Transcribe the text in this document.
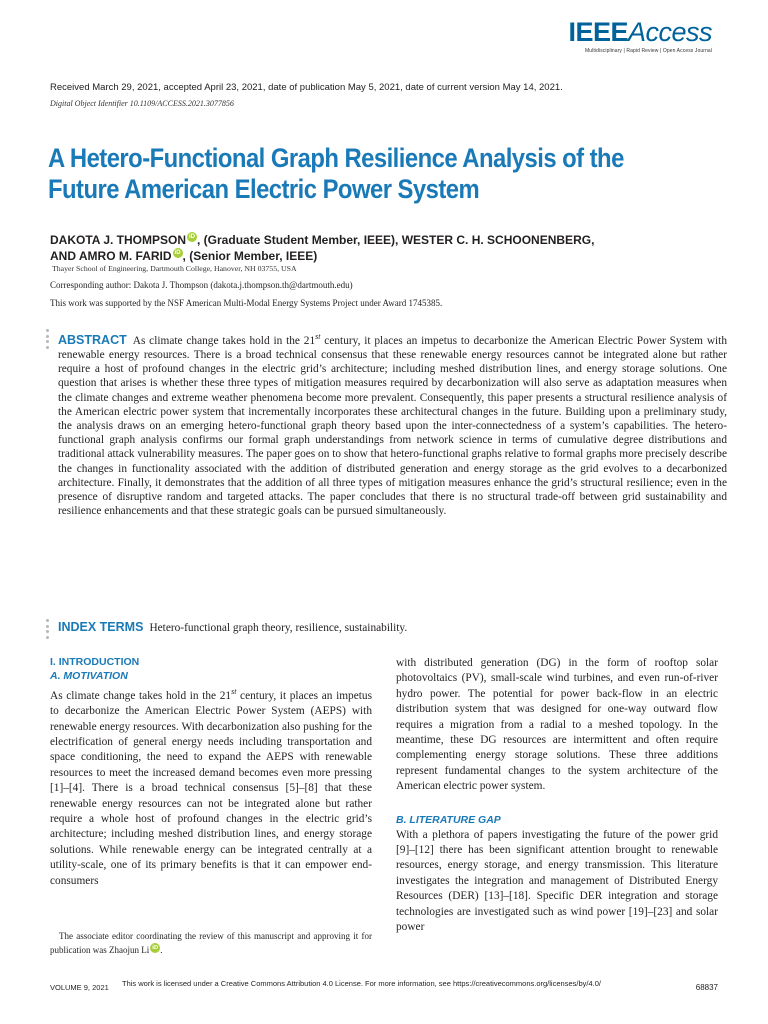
IEEEAccess
Multidisciplinary | Rapid Review | Open Access Journal
Received March 29, 2021, accepted April 23, 2021, date of publication May 5, 2021, date of current version May 14, 2021.
Digital Object Identifier 10.1109/ACCESS.2021.3077856
A Hetero-Functional Graph Resilience Analysis of the Future American Electric Power System
DAKOTA J. THOMPSON iD , (Graduate Student Member, IEEE), WESTER C. H. SCHOONENBERG,
AND AMRO M. FARID iD , (Senior Member, IEEE)
Thayer School of Engineering, Dartmouth College, Hanover, NH 03755, USA
Corresponding author: Dakota J. Thompson (dakota.j.thompson.th@dartmouth.edu)
This work was supported by the NSF American Multi-Modal Energy Systems Project under Award 1745385.

ABSTRACT As climate change takes hold in the 21st century, it places an impetus to decarbonize the American Electric Power System with renewable energy resources. There is a broad technical consensus that these renewable energy resources cannot be integrated alone but rather require a host of profound changes in the electric grid’s architecture; including meshed distribution lines, and energy storage solutions. One question that arises is whether these three types of mitigation measures required by decarbonization will also serve as adaptation measures when the climate changes and extreme weather phenomena become more prevalent. Consequently, this paper presents a structural resilience analysis of the American electric power system that incrementally incorporates these architectural changes in the future. Building upon a preliminary study, the analysis draws on an emerging hetero-functional graph theory based upon the inter-connectedness of a system’s capabilities. The hetero-functional graph analysis confirms our formal graph understandings from network science in terms of cumulative degree distributions and traditional attack vulnerability measures. The paper goes on to show that hetero-functional graphs relative to formal graphs more precisely describe the changes in functionality associated with the addition of distributed generation and energy storage as the grid evolves to a decarbonized architecture. Finally, it demonstrates that the addition of all three types of mitigation measures enhance the grid’s structural resilience; even in the presence of disruptive random and targeted attacks. The paper concludes that there is no structural trade-off between grid sustainability and resilience enhancements and that these strategic goals can be pursued simultaneously.

INDEX TERMS Hetero-functional graph theory, resilience, sustainability.
I. INTRODUCTION
A. MOTIVATION

As climate change takes hold in the 21st century, it places an impetus to decarbonize the American Electric Power System (AEPS) with renewable energy resources. With decarbonization also pushing for the electrification of general energy needs including transportation and space conditioning, the need to expand the AEPS with renewable resources to meet the increased demand becomes even more pressing [1]–[4]. There is a broad technical consensus [5]–[8] that these renewable energy resources can not be integrated alone but rather require a whole host of profound changes in the electric grid’s architecture; including meshed distribution lines, and energy storage solutions. While renewable energy can be integrated centrally at a utility-scale, one of its primary benefits is that it can empower end-consumers

 The associate editor coordinating the review of this manuscript and approving it for publication was Zhaojun Li iD .

with distributed generation (DG) in the form of rooftop solar photovoltaics (PV), small-scale wind turbines, and even run-of-river hydro power. The potential for power back-flow in an electric distribution system that was designed for one-way outward flow requires a migration from a radial to a meshed topology. In the meantime, these DG resources are intermittent and often require complementing energy storage solutions. These three additions represent fundamental changes to the system architecture of the American electric power system.

B. LITERATURE GAP

With a plethora of papers investigating the future of the power grid [9]–[12] there has been significant attention brought to renewable resources, energy storage, and energy transmission. This literature investigates the integration and management of Distributed Energy Resources (DER) [13]–[18]. Specific DER integration and storage technologies are investigated such as wind power [19]–[23] and solar power

VOLUME 9, 2021 This work is licensed under a Creative Commons Attribution 4.0 License. For more information, see https://creativecommons.org/licenses/by/4.0/	68837
